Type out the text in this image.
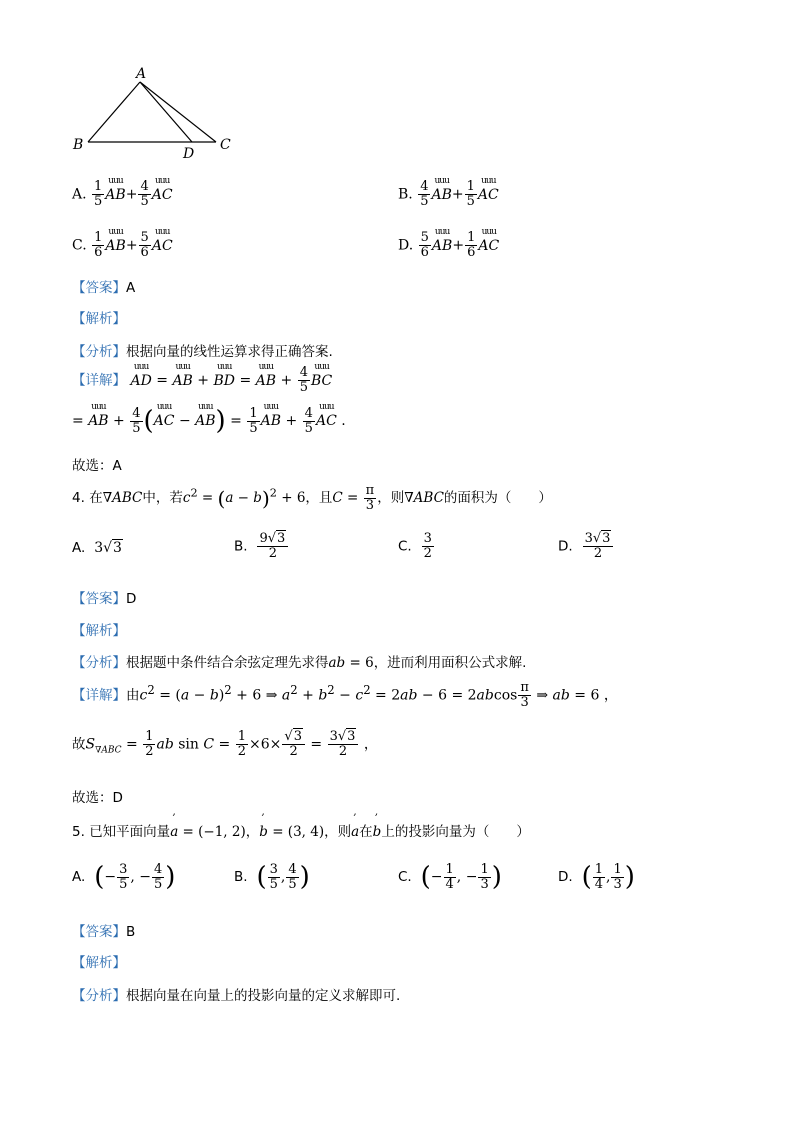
A
B	C
D
A. $\frac{1}{5}$ uuu $AB+ \frac{4}{5}$ uuu AC	B. $\frac{4}{5}$ uuu $AB+ \frac{1}{5}$ uuu AC
C. $\frac{1}{6}$ uuu $AB+ \frac{5}{6}$ uuu AC	D. $\frac{5}{6}$ uuu $AB+ \frac{1}{6}$ uuu AC
【答案】A
【解析】
【分析】根据向量的线性运算求得正确答案.
【详解】 uuu AD = uuu AB + uuu BD = uuu AB + $\frac{4}{5}$ uuu BC
= uuu AB + $\frac{4}{5} (uuu$ AC − uuu $AB) = \frac{1}{5}$ uuu AB + $\frac{4}{5}$ uuu AC .
故选：A
4. 在∇ABC中，若$c^2 = (a - b)^2 + 6$，且$C = \frac{\pi}{3}$ ，则∇ABC的面积为（　　）
A.  3√3	B. $\frac{9√3}{2}$	C. $\frac{3}{2}$	D. $\frac{3√3}{2}$
【答案】D
【解析】
【分析】根据题中条件结合余弦定理先求得ab = 6，进而利用面积公式求解.
【详解】由$c^2 = (a - b)^2 + 6$ ⇒ $a^2 + b^2 - c^2 = 2ab - 6 = 2abcos \frac{\pi}{3}$ ⇒ ab = 6 ，
故$S_{\nabla ABC} = \frac{1}{2}$ ab $\sin C = \frac{1}{2} \times 6\times \frac{√3}{2} = \frac{3√3}{2}$ ，
故选：D
5. 已知平面向量’ a = (−1, 2)，’ b = (3, 4)，则’ a在’ b上的投影向量为（　　）
A. (− $\frac{3}{5}$ , − $\frac{4}{5}$ )	B. ( $\frac{3}{5}$ , $\frac{4}{5}$ )	C. (− $\frac{1}{4}$ , − $\frac{1}{3}$ )	D. ( $\frac{1}{4}$ , $\frac{1}{3}$ )
【答案】B
【解析】
【分析】根据向量在向量上的投影向量的定义求解即可.
